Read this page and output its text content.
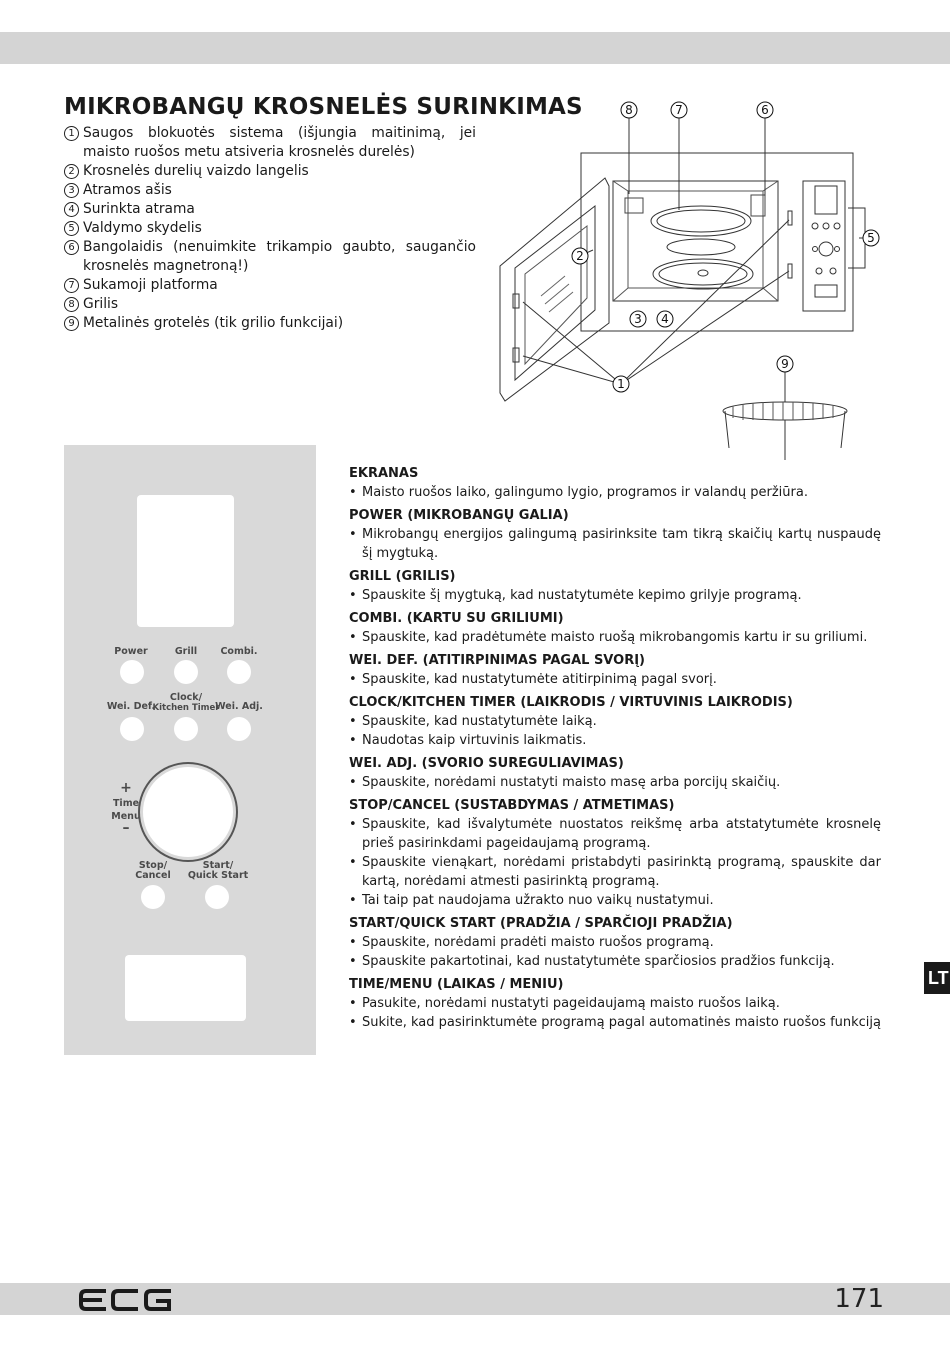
MIKROBANGŲ KROSNELĖS SURINKIMAS
1 Saugos blokuotės sistema (išjungia maitinimą, jei maisto ruošos metu atsiveria krosnelės durelės)
2 Krosnelės durelių vaizdo langelis
3 Atramos ašis
4 Surinkta atrama
5 Valdymo skydelis
6 Bangolaidis (nenuimkite trikampio gaubto, saugančio krosnelės magnetroną!)
7 Sukamoji platforma
8 Grilis
9 Metalinės grotelės (tik grilio funkcijai)
8	7	6
5
2
3 4
1
9
Power	Grill	Combi.
Wei. Def.
Clock/
Kitchen Timer
Wei. Adj.
+
Time
Menu
–
Stop/
Cancel
Start/
Quick Start
EKRANAS
• Maisto ruošos laiko, galingumo lygio, programos ir valandų peržiūra.
POWER (MIKROBANGŲ GALIA)
• Mikrobangų energijos galingumą pasirinksite tam tikrą skaičių kartų nuspaudę šį mygtuką.
GRILL (GRILIS)
• Spauskite šį mygtuką, kad nustatytumėte kepimo grilyje programą.
COMBI. (KARTU SU GRILIUMI)
• Spauskite, kad pradėtumėte maisto ruošą mikrobangomis kartu ir su griliumi.
WEI. DEF. (ATITIRPINIMAS PAGAL SVORĮ)
• Spauskite, kad nustatytumėte atitirpinimą pagal svorį.
CLOCK/KITCHEN TIMER (LAIKRODIS / VIRTUVINIS LAIKRODIS)
• Spauskite, kad nustatytumėte laiką.
• Naudotas kaip virtuvinis laikmatis.
WEI. ADJ. (SVORIO SUREGULIAVIMAS)
• Spauskite, norėdami nustatyti maisto masę arba porcijų skaičių.
STOP/CANCEL (SUSTABDYMAS / ATMETIMAS)
• Spauskite, kad išvalytumėte nuostatos reikšmę arba atstatytumėte krosnelę prieš pasirinkdami pageidaujamą programą.
• Spauskite vienąkart, norėdami pristabdyti pasirinktą programą, spauskite dar kartą, norėdami atmesti pasirinktą programą.
• Tai taip pat naudojama užrakto nuo vaikų nustatymui.
START/QUICK START (PRADŽIA / SPARČIOJI PRADŽIA)
• Spauskite, norėdami pradėti maisto ruošos programą.
• Spauskite pakartotinai, kad nustatytumėte sparčiosios pradžios funkciją.
TIME/MENU (LAIKAS / MENIU)
• Pasukite, norėdami nustatyti pageidaujamą maisto ruošos laiką.
• Sukite, kad pasirinktumėte programą pagal automatinės maisto ruošos funkciją
LT
171
